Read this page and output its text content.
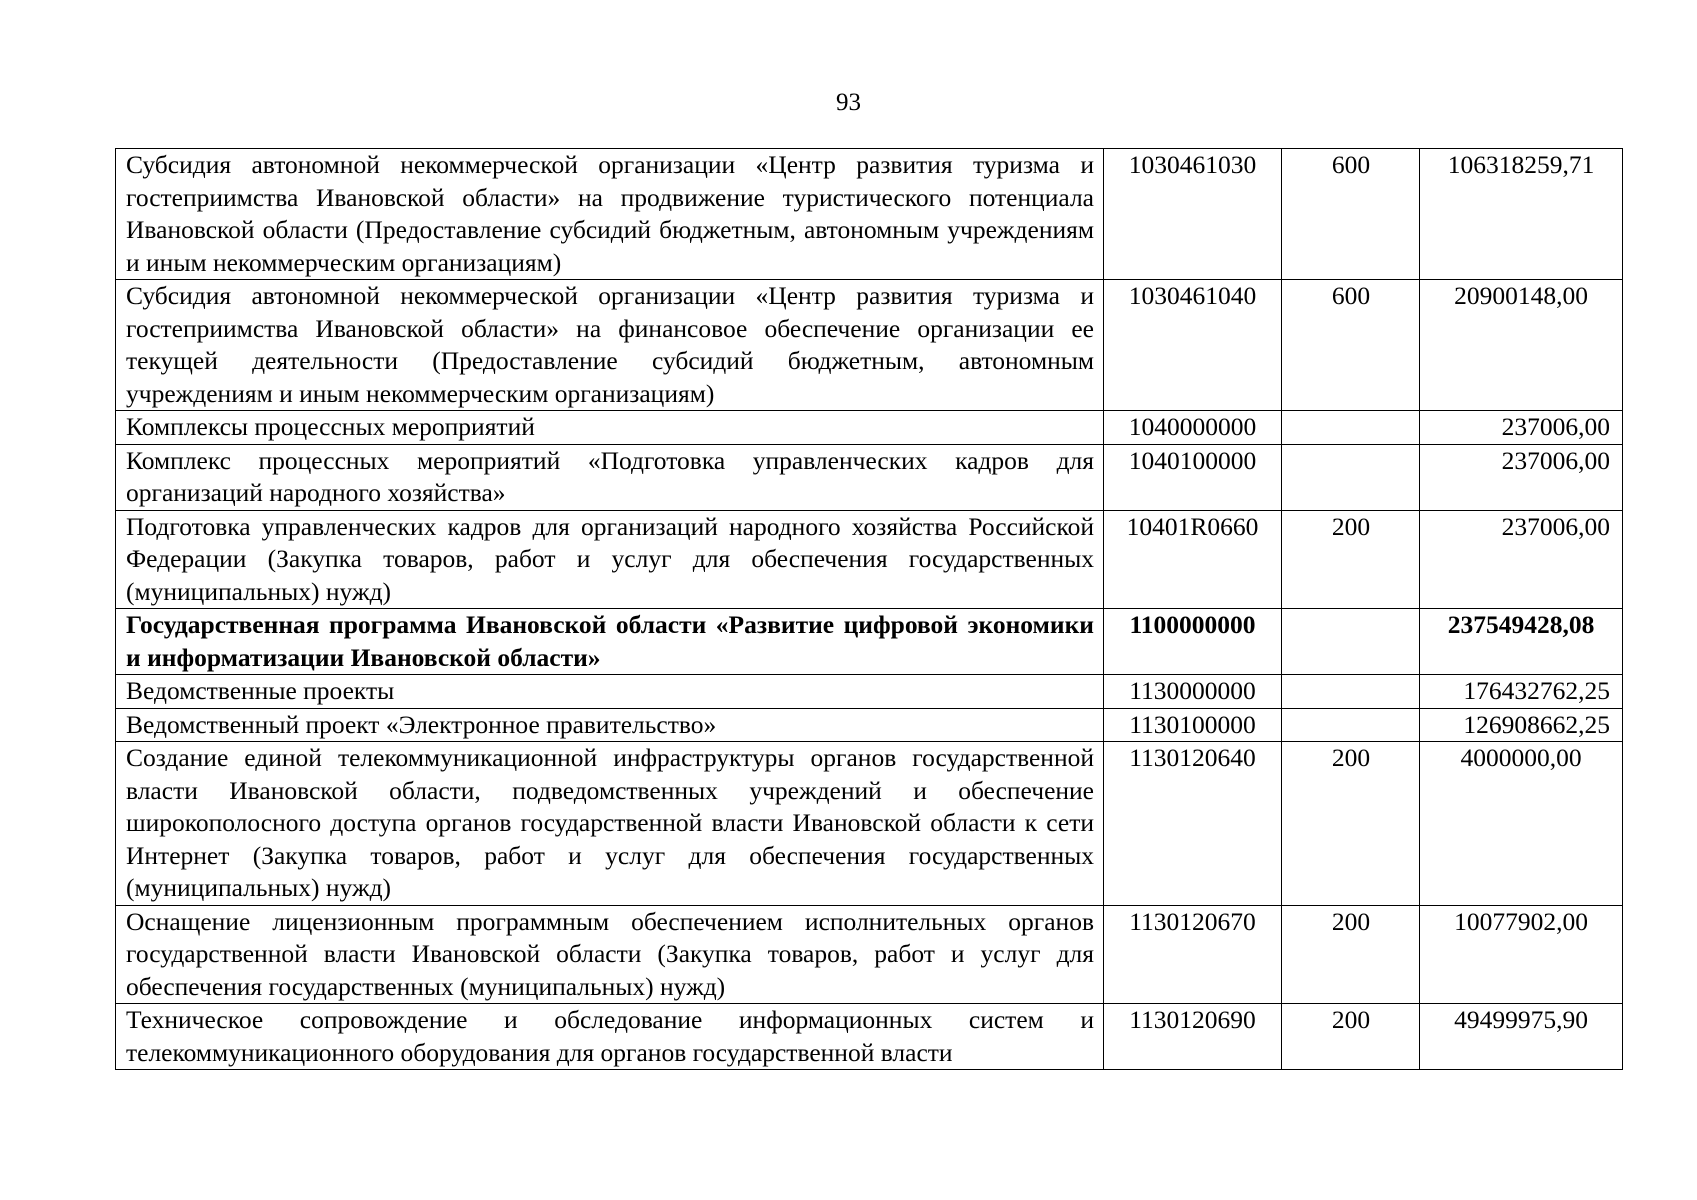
93
Субсидия автономной некоммерческой организации «Центр развития туризма и гостеприимства Ивановской области» на продвижение туристического потенциала Ивановской области (Предоставление субсидий бюджетным, автономным учреждениям и иным некоммерческим организациям)	1030461030	600	106318259,71
Субсидия автономной некоммерческой организации «Центр развития туризма и гостеприимства Ивановской области» на финансовое обеспечение организации ее текущей деятельности (Предоставление субсидий бюджетным, автономным учреждениям и иным некоммерческим организациям)	1030461040	600	20900148,00
Комплексы процессных мероприятий	1040000000		237006,00
Комплекс процессных мероприятий «Подготовка управленческих кадров для организаций народного хозяйства»	1040100000		237006,00
Подготовка управленческих кадров для организаций народного хозяйства Российской Федерации (Закупка товаров, работ и услуг для обеспечения государственных (муниципальных) нужд)	10401R0660	200	237006,00
Государственная программа Ивановской области «Развитие цифровой экономики и информатизации Ивановской области»	1100000000		237549428,08
Ведомственные проекты	1130000000		176432762,25
Ведомственный проект «Электронное правительство»	1130100000		126908662,25
Создание единой телекоммуникационной инфраструктуры органов государственной власти Ивановской области, подведомственных учреждений и обеспечение широкополосного доступа органов государственной власти Ивановской области к сети Интернет (Закупка товаров, работ и услуг для обеспечения государственных (муниципальных) нужд)	1130120640	200	4000000,00
Оснащение лицензионным программным обеспечением исполнительных органов государственной власти Ивановской области (Закупка товаров, работ и услуг для обеспечения государственных (муниципальных) нужд)	1130120670	200	10077902,00
Техническое сопровождение и обследование информационных систем и телекоммуникационного оборудования для органов государственной власти	1130120690	200	49499975,90
